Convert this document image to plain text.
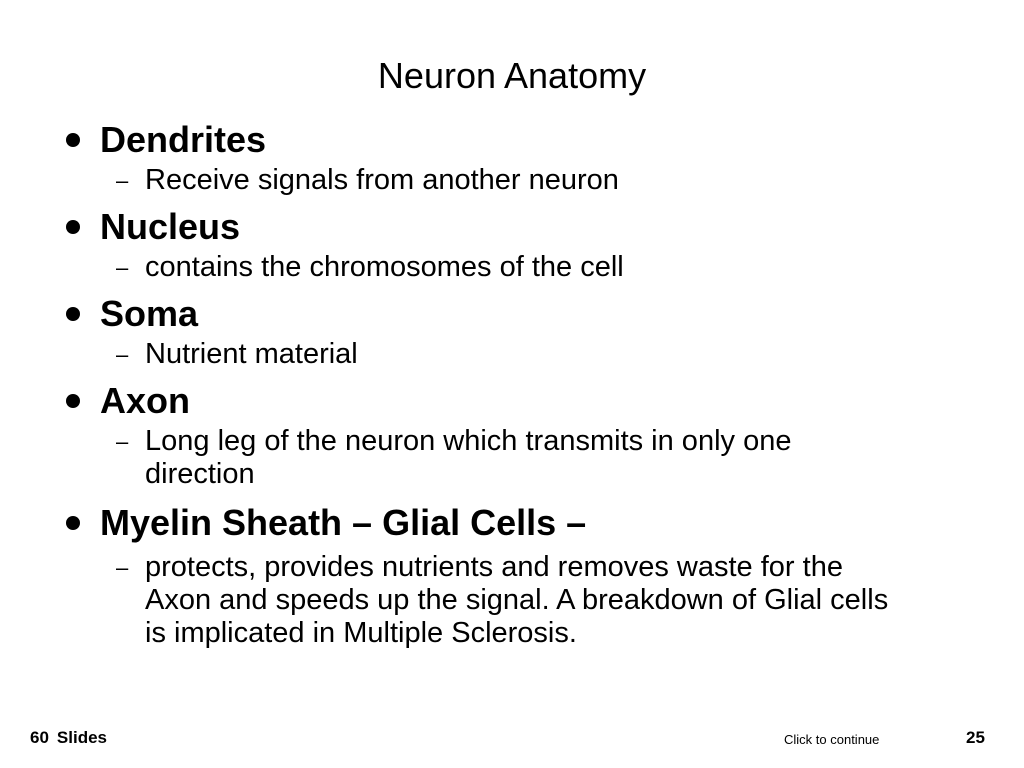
Neuron Anatomy
Dendrites
– Receive signals from another neuron
Nucleus
– contains the chromosomes of the cell
Soma
– Nutrient material
Axon
– Long leg of the neuron which transmits in only one direction
Myelin Sheath – Glial Cells –
– protects, provides nutrients and removes waste for the Axon and speeds up the signal. A breakdown of Glial cells is implicated in Multiple Sclerosis.
60 Slides	Click to continue	25
